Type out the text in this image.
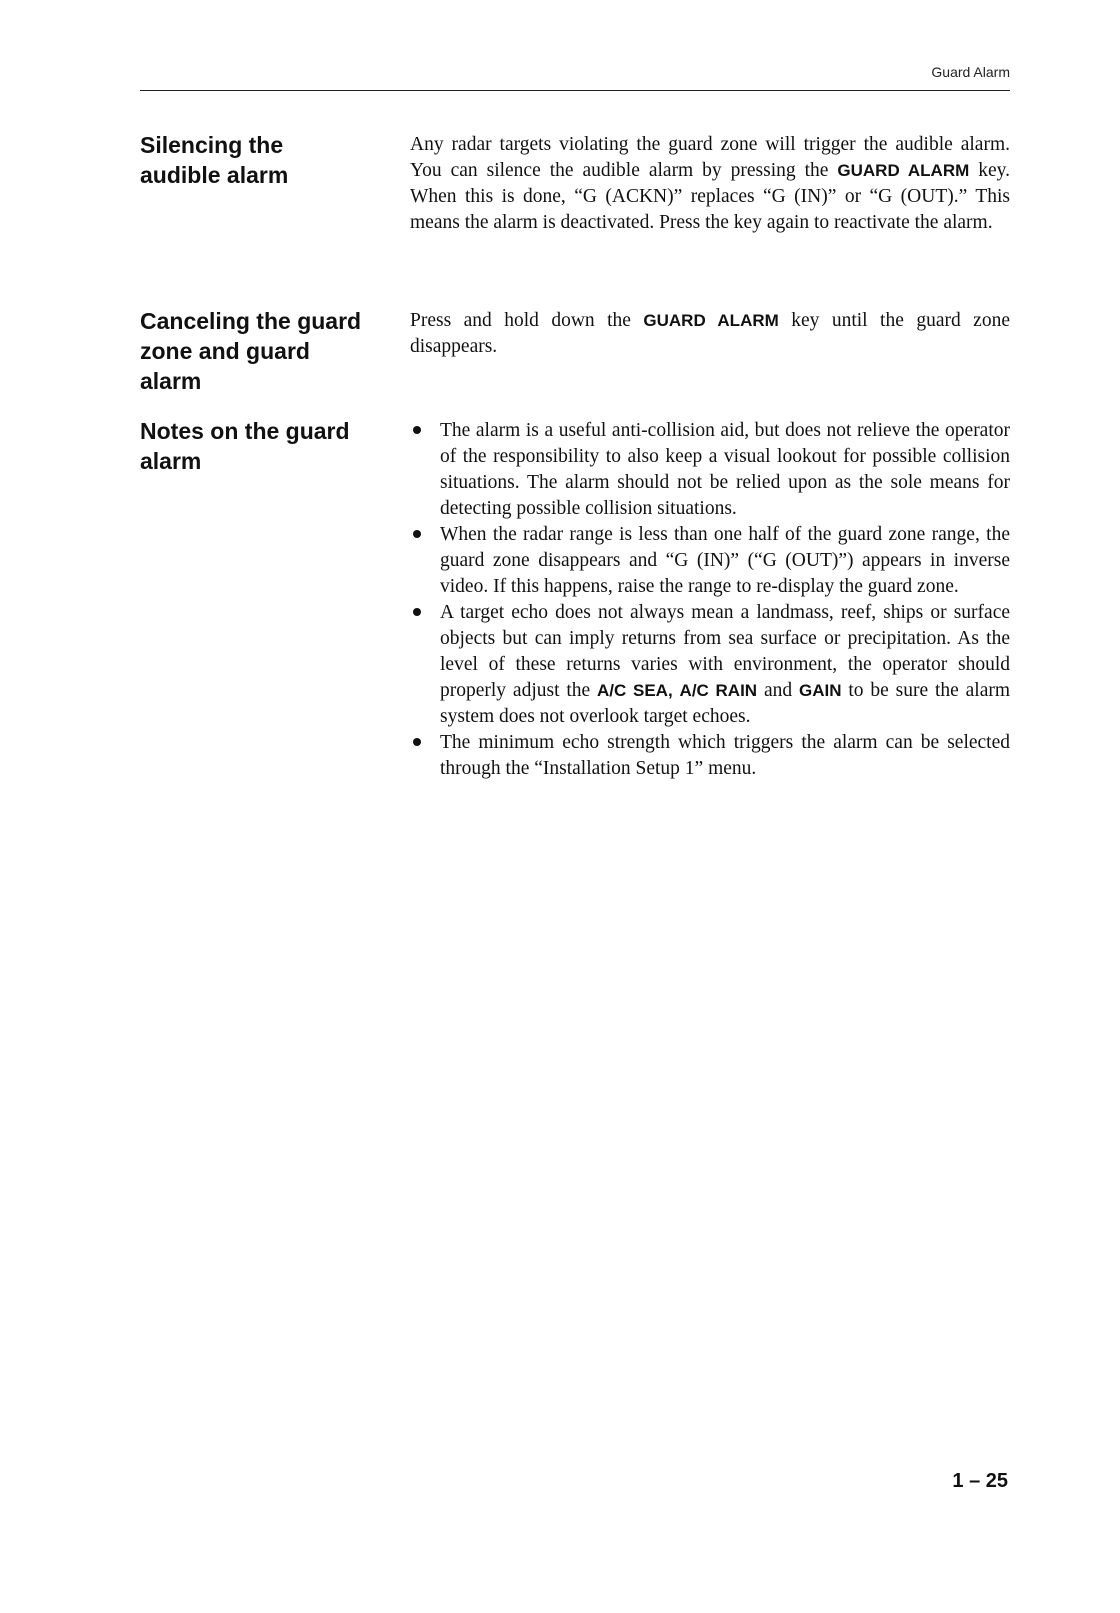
Guard Alarm
Silencing the audible alarm

Any radar targets violating the guard zone will trigger the audible alarm. You can silence the audible alarm by pressing the GUARD ALARM key. When this is done, “G (ACKN)” replaces “G (IN)” or “G (OUT).” This means the alarm is deactivated. Press the key again to reactivate the alarm.

Canceling the guard zone and guard alarm

Press and hold down the GUARD ALARM key until the guard zone disappears.

Notes on the guard alarm
The alarm is a useful anti-collision aid, but does not relieve the operator of the responsibility to also keep a visual lookout for possible collision situations. The alarm should not be relied upon as the sole means for detecting possible collision situations.
When the radar range is less than one half of the guard zone range, the guard zone disappears and “G (IN)” (“G (OUT)”) appears in inverse video. If this happens, raise the range to re-display the guard zone.
A target echo does not always mean a landmass, reef, ships or surface objects but can imply returns from sea surface or precipitation. As the level of these returns varies with environment, the operator should properly adjust the A/C SEA, A/C RAIN and GAIN to be sure the alarm system does not overlook target echoes.
The minimum echo strength which triggers the alarm can be selected through the “Installation Setup 1” menu.
1 – 25
